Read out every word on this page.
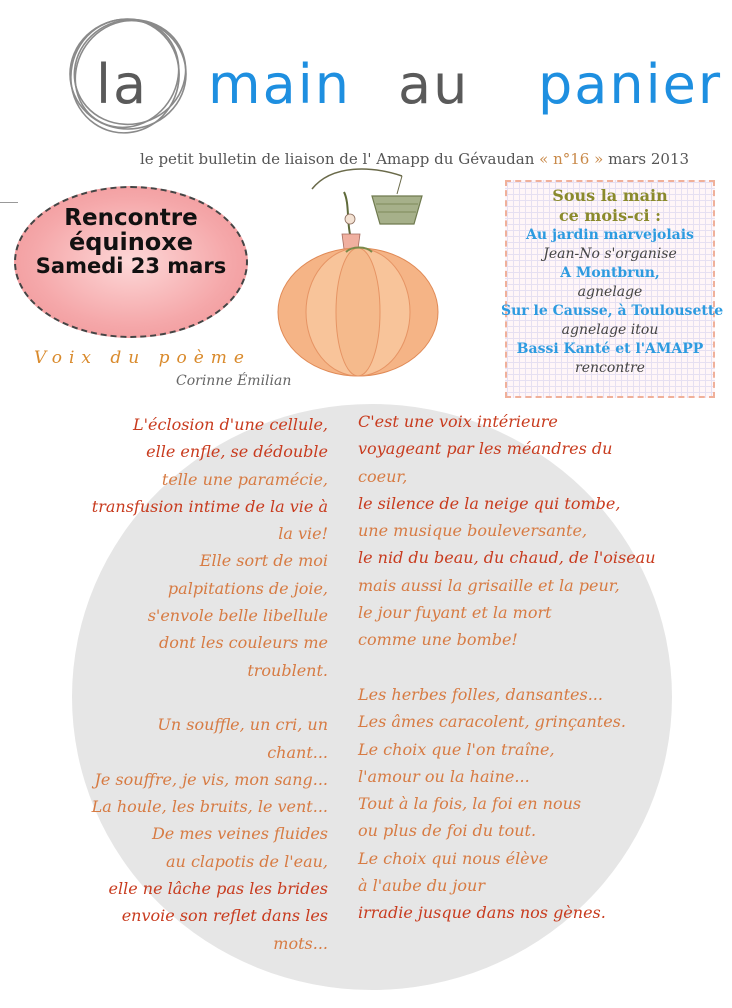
la main au panier
le petit bulletin de liaison de l' Amapp du Gévaudan « n°16 » mars 2013
Rencontre
équinoxe
Samedi 23 mars
Voix du poème
Corinne Émilian
Sous la main
ce mois-ci :
Au jardin marvejolais
Jean-No s'organise
A Montbrun,
agnelage
Sur le Causse, à Toulousette
agnelage itou
Bassi Kanté et l'AMAPP
rencontre

L'éclosion d'une cellule,

elle enfle, se dédouble

telle une paramécie,

transfusion intime de la vie à

la vie!

Elle sort de moi

palpitations de joie,

s'envole belle libellule

dont les couleurs me

troublent.

Un souffle, un cri, un

chant...

Je souffre, je vis, mon sang...

La houle, les bruits, le vent...

De mes veines fluides

au clapotis de l'eau,

elle ne lâche pas les brides

envoie son reflet dans les

mots...

C'est une voix intérieure

voyageant par les méandres du

coeur,

le silence de la neige qui tombe,

une musique bouleversante,

le nid du beau, du chaud, de l'oiseau

mais aussi la grisaille et la peur,

le jour fuyant et la mort

comme une bombe!

Les herbes folles, dansantes...

Les âmes caracolent, grinçantes.

Le choix que l'on traîne,

l'amour ou la haine...

Tout à la fois, la foi en nous

ou plus de foi du tout.

Le choix qui nous élève

à l'aube du jour

irradie jusque dans nos gènes.
